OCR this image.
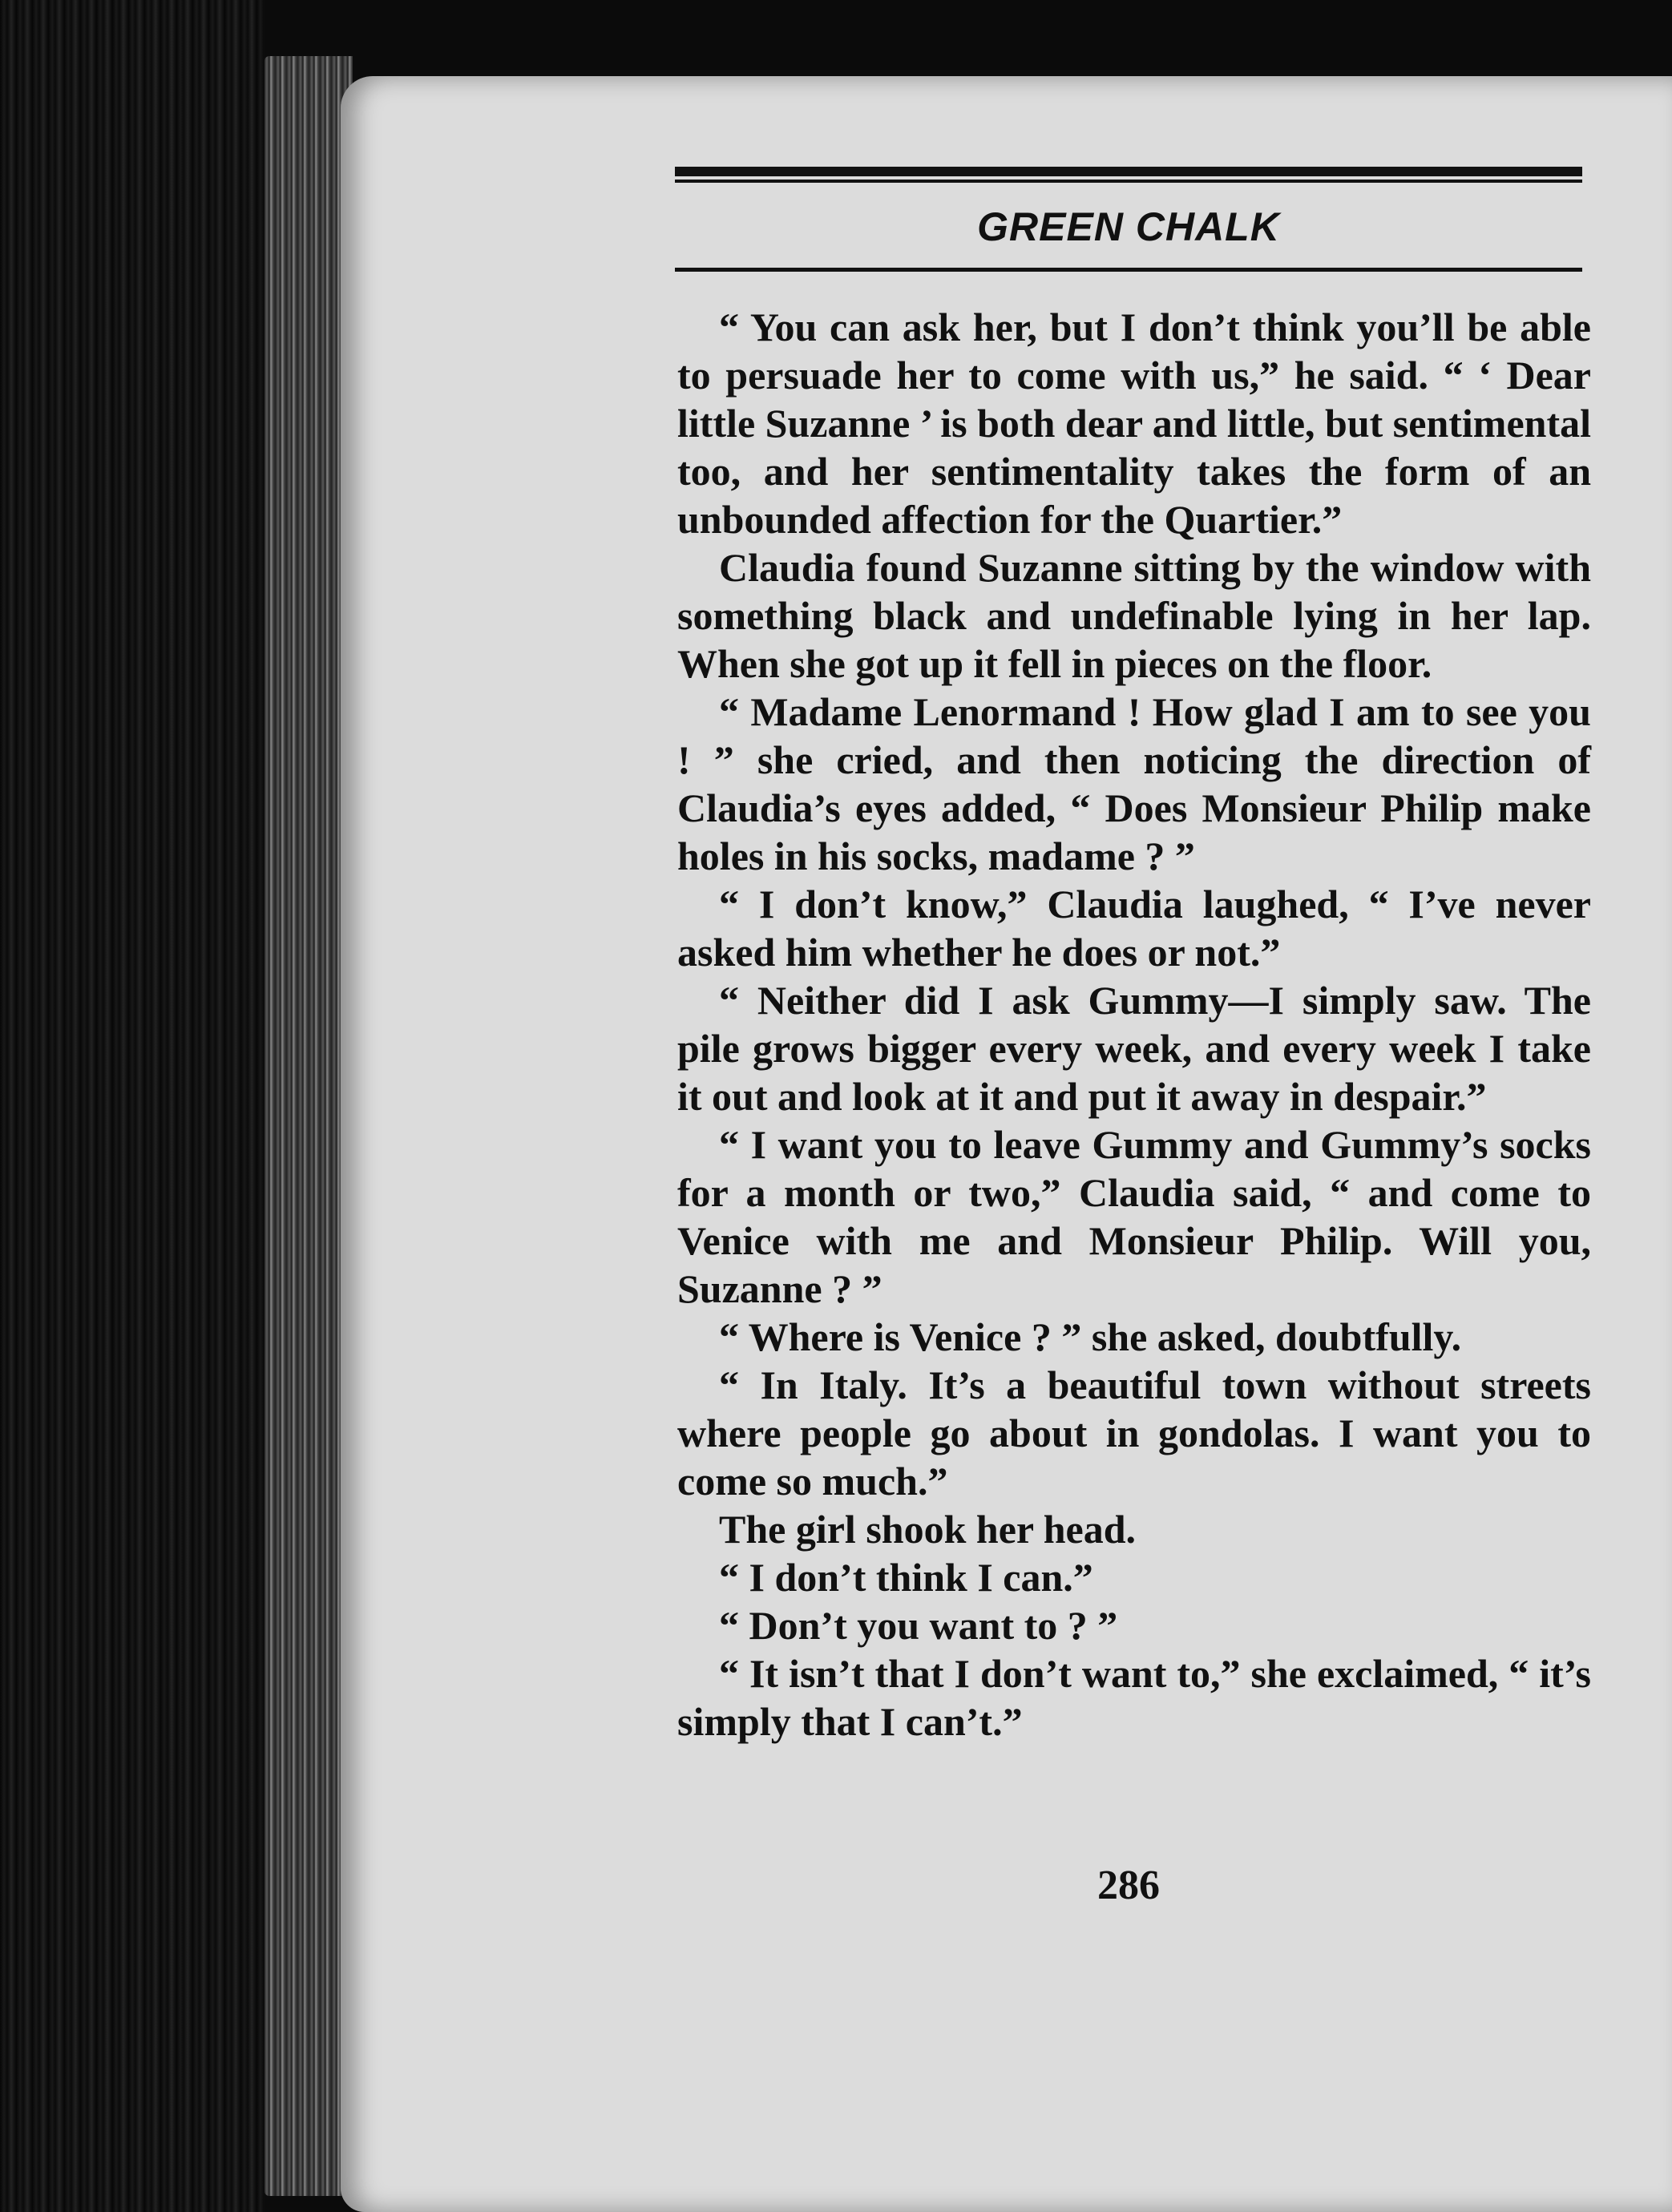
GREEN CHALK

“ You can ask her, but I don’t think you’ll be able to persuade her to come with us,” he said. “ ‘ Dear little Suzanne ’ is both dear and little, but sentimental too, and her sentimentality takes the form of an unbounded affection for the Quartier.”

Claudia found Suzanne sitting by the window with something black and undefinable lying in her lap. When she got up it fell in pieces on the floor.

“ Madame Lenormand ! How glad I am to see you ! ” she cried, and then noticing the direction of Claudia’s eyes added, “ Does Monsieur Philip make holes in his socks, madame ? ”

“ I don’t know,” Claudia laughed, “ I’ve never asked him whether he does or not.”

“ Neither did I ask Gummy—I simply saw. The pile grows bigger every week, and every week I take it out and look at it and put it away in despair.”

“ I want you to leave Gummy and Gummy’s socks for a month or two,” Claudia said, “ and come to Venice with me and Monsieur Philip. Will you, Suzanne ? ”

“ Where is Venice ? ” she asked, doubtfully.

“ In Italy. It’s a beautiful town without streets where people go about in gondolas. I want you to come so much.”

The girl shook her head.

“ I don’t think I can.”

“ Don’t you want to ? ”

“ It isn’t that I don’t want to,” she exclaimed, “ it’s simply that I can’t.”

286
